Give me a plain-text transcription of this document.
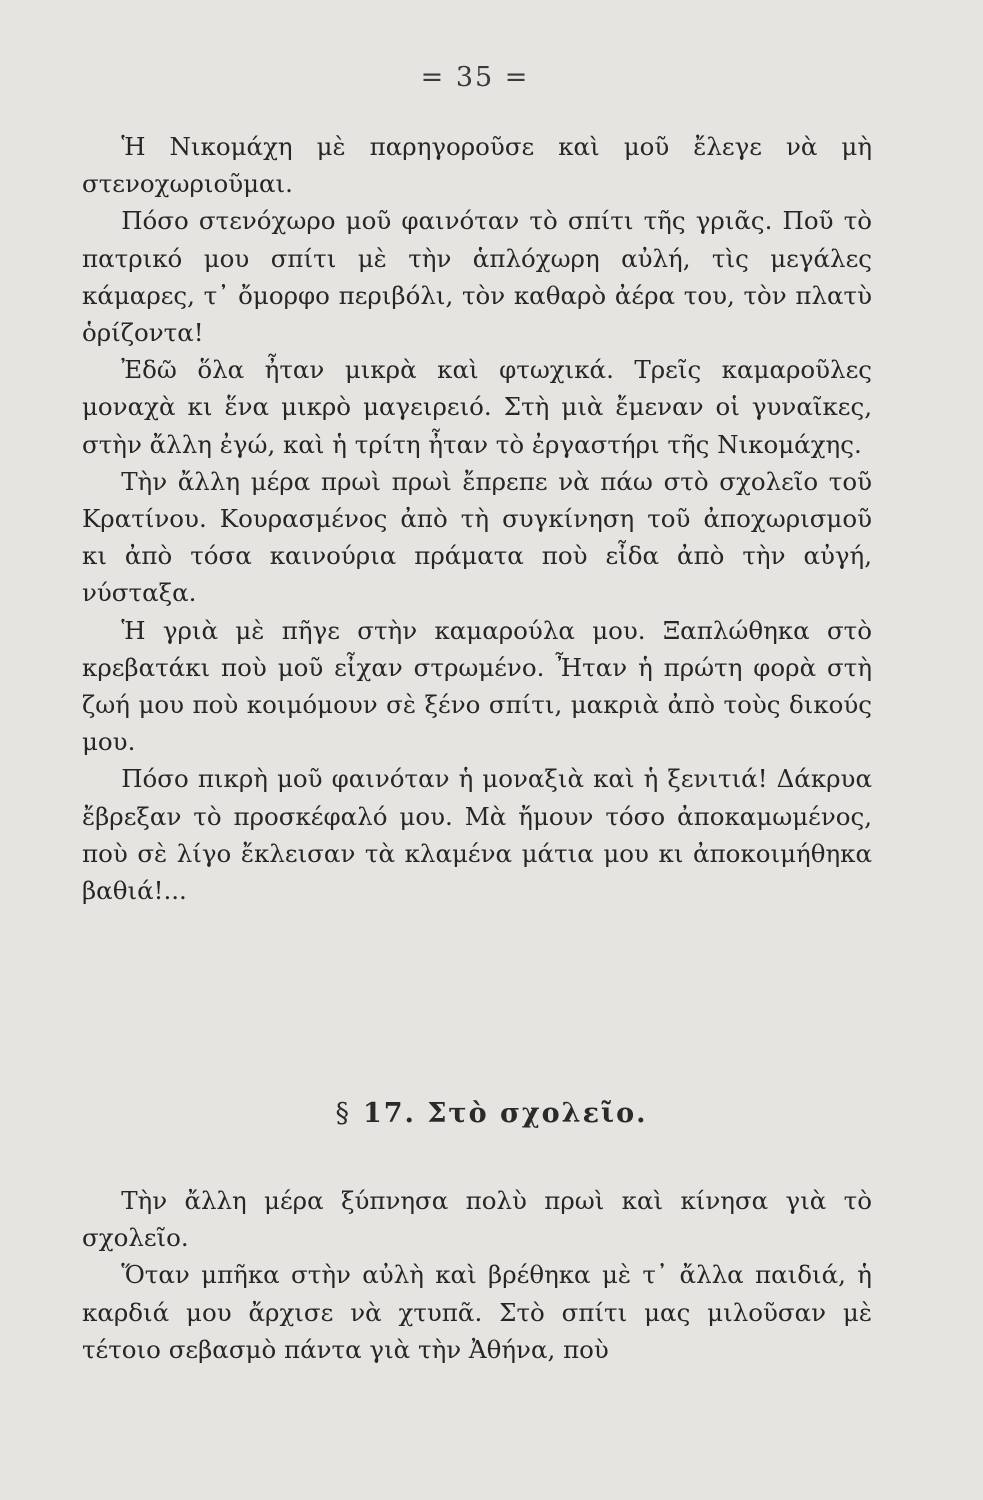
= 35 =

Ἡ Νικομάχη μὲ παρηγοροῦσε καὶ μοῦ ἔλεγε νὰ μὴ στενοχωριοῦμαι.

Πόσο στενόχωρο μοῦ φαινόταν τὸ σπίτι τῆς γριᾶς. Ποῦ τὸ πατρικό μου σπίτι μὲ τὴν ἁπλόχωρη αὐλή, τὶς μεγάλες κάμαρες, τ᾽ ὄμορφο περιβόλι, τὸν καθαρὸ ἀέρα του, τὸν πλατὺ ὁρίζοντα!

Ἐδῶ ὅλα ἦταν μικρὰ καὶ φτωχικά. Τρεῖς καμαροῦλες μοναχὰ κι ἕνα μικρὸ μαγειρειό. Στὴ μιὰ ἔμεναν οἱ γυναῖκες, στὴν ἄλλη ἐγώ, καὶ ἡ τρίτη ἦταν τὸ ἐργαστήρι τῆς Νικομάχης.

Τὴν ἄλλη μέρα πρωὶ πρωὶ ἔπρεπε νὰ πάω στὸ σχολεῖο τοῦ Κρατίνου. Κουρασμένος ἀπὸ τὴ συγκίνηση τοῦ ἀποχωρισμοῦ κι ἀπὸ τόσα καινούρια πράματα ποὺ εἶδα ἀπὸ τὴν αὐγή, νύσταξα.

Ἡ γριὰ μὲ πῆγε στὴν καμαρούλα μου. Ξαπλώθηκα στὸ κρεβατάκι ποὺ μοῦ εἶχαν στρωμένο. Ἦταν ἡ πρώτη φορὰ στὴ ζωή μου ποὺ κοιμόμουν σὲ ξένο σπίτι, μακριὰ ἀπὸ τοὺς δικούς μου.

Πόσο πικρὴ μοῦ φαινόταν ἡ μοναξιὰ καὶ ἡ ξενιτιά! Δάκρυα ἔβρεξαν τὸ προσκέφαλό μου. Μὰ ἤμουν τόσο ἀποκαμωμένος, ποὺ σὲ λίγο ἔκλεισαν τὰ κλαμένα μάτια μου κι ἀποκοιμήθηκα βαθιά!...

§ 17. Στὸ σχολεῖο.

Τὴν ἄλλη μέρα ξύπνησα πολὺ πρωὶ καὶ κίνησα γιὰ τὸ σχολεῖο.

Ὅταν μπῆκα στὴν αὐλὴ καὶ βρέθηκα μὲ τ᾽ ἄλλα παιδιά, ἡ καρδιά μου ἄρχισε νὰ χτυπᾶ. Στὸ σπίτι μας μιλοῦσαν μὲ τέτοιο σεβασμὸ πάντα γιὰ τὴν Ἀθήνα, ποὺ
